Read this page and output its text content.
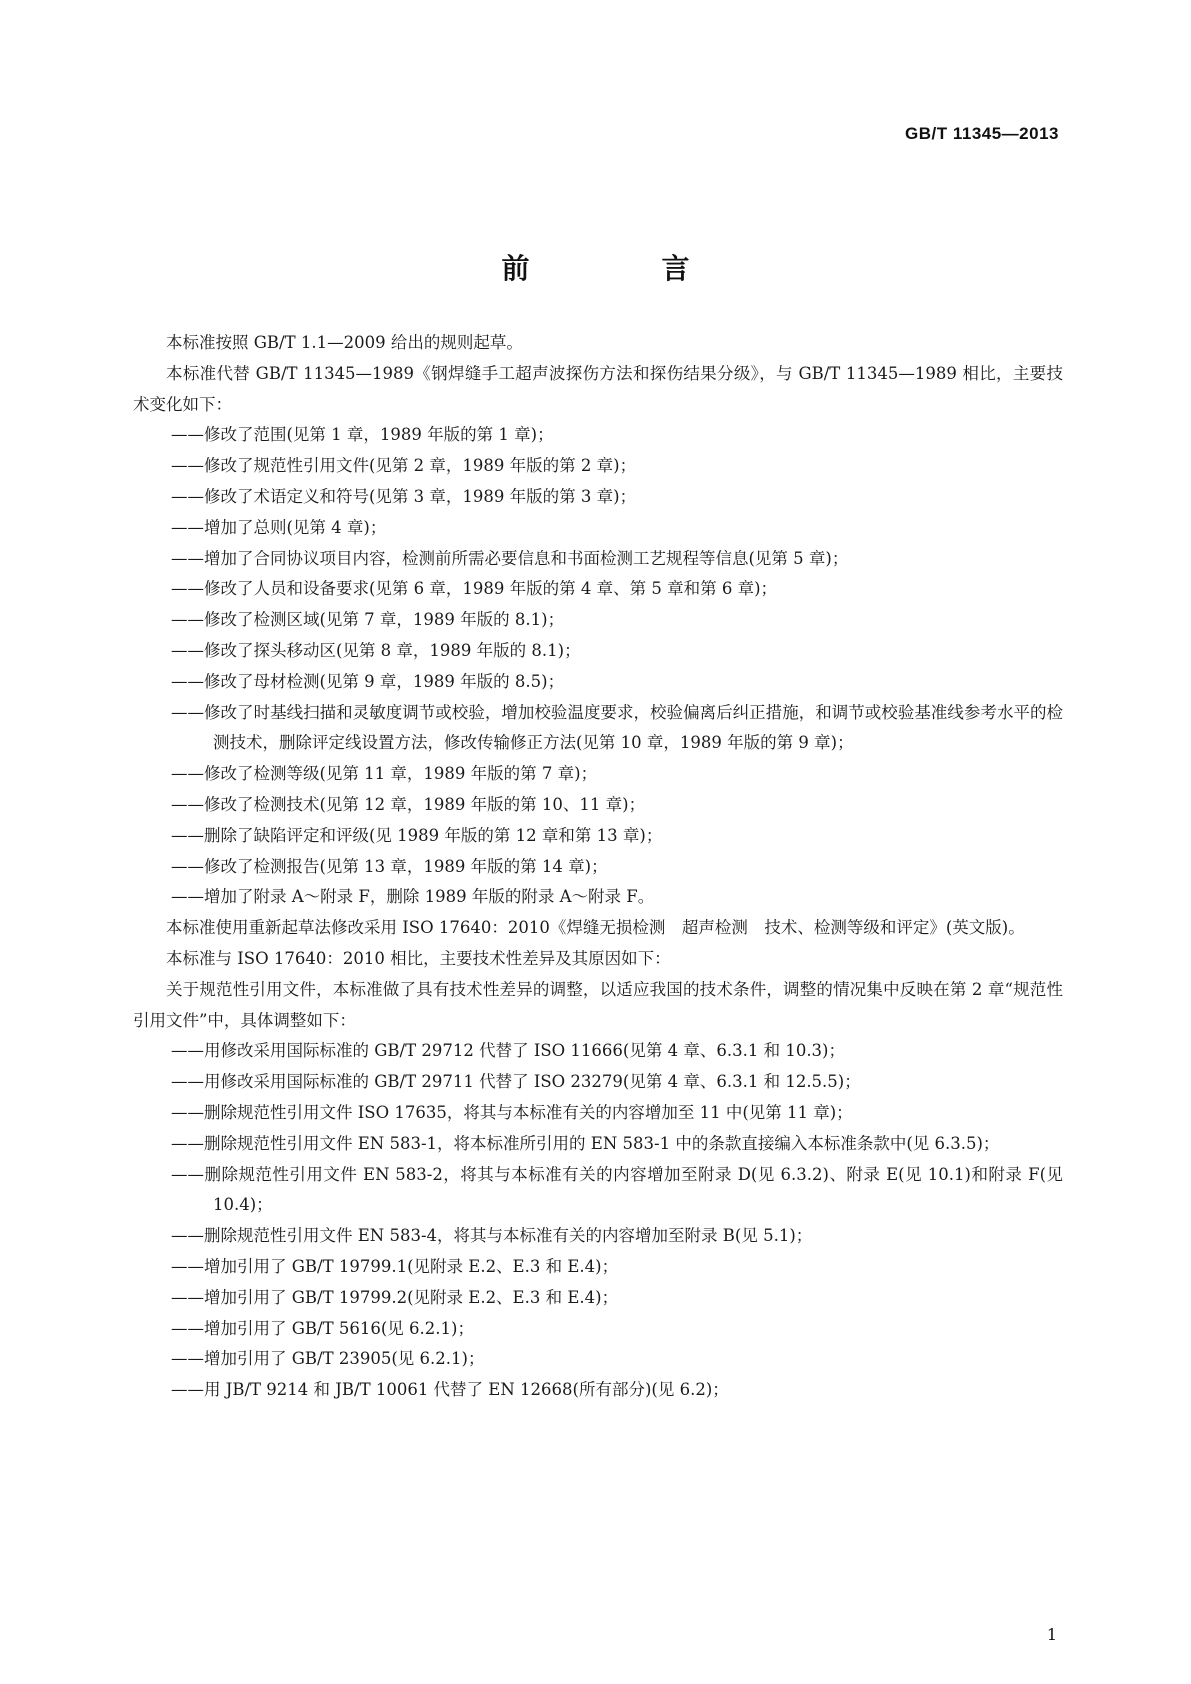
GB/T 11345—2013
前　言

本标准按照 GB/T 1.1—2009 给出的规则起草。

本标准代替 GB/T 11345—1989《钢焊缝手工超声波探伤方法和探伤结果分级》，与 GB/T 11345—1989 相比，主要技术变化如下：

——修改了范围(见第 1 章，1989 年版的第 1 章)；

——修改了规范性引用文件(见第 2 章，1989 年版的第 2 章)；

——修改了术语定义和符号(见第 3 章，1989 年版的第 3 章)；

——增加了总则(见第 4 章)；

——增加了合同协议项目内容，检测前所需必要信息和书面检测工艺规程等信息(见第 5 章)；

——修改了人员和设备要求(见第 6 章，1989 年版的第 4 章、第 5 章和第 6 章)；

——修改了检测区域(见第 7 章，1989 年版的 8.1)；

——修改了探头移动区(见第 8 章，1989 年版的 8.1)；

——修改了母材检测(见第 9 章，1989 年版的 8.5)；

——修改了时基线扫描和灵敏度调节或校验，增加校验温度要求，校验偏离后纠正措施，和调节或校验基准线参考水平的检测技术，删除评定线设置方法，修改传输修正方法(见第 10 章，1989 年版的第 9 章)；

——修改了检测等级(见第 11 章，1989 年版的第 7 章)；

——修改了检测技术(见第 12 章，1989 年版的第 10、11 章)；

——删除了缺陷评定和评级(见 1989 年版的第 12 章和第 13 章)；

——修改了检测报告(见第 13 章，1989 年版的第 14 章)；

——增加了附录 A～附录 F，删除 1989 年版的附录 A～附录 F。

本标准使用重新起草法修改采用 ISO 17640：2010《焊缝无损检测　超声检测　技术、检测等级和评定》(英文版)。

本标准与 ISO 17640：2010 相比，主要技术性差异及其原因如下：

关于规范性引用文件，本标准做了具有技术性差异的调整，以适应我国的技术条件，调整的情况集中反映在第 2 章“规范性引用文件”中，具体调整如下：

——用修改采用国际标准的 GB/T 29712 代替了 ISO 11666(见第 4 章、6.3.1 和 10.3)；

——用修改采用国际标准的 GB/T 29711 代替了 ISO 23279(见第 4 章、6.3.1 和 12.5.5)；

——删除规范性引用文件 ISO 17635，将其与本标准有关的内容增加至 11 中(见第 11 章)；

——删除规范性引用文件 EN 583-1，将本标准所引用的 EN 583-1 中的条款直接编入本标准条款中(见 6.3.5)；

——删除规范性引用文件 EN 583-2，将其与本标准有关的内容增加至附录 D(见 6.3.2)、附录 E(见 10.1)和附录 F(见 10.4)；

——删除规范性引用文件 EN 583-4，将其与本标准有关的内容增加至附录 B(见 5.1)；

——增加引用了 GB/T 19799.1(见附录 E.2、E.3 和 E.4)；

——增加引用了 GB/T 19799.2(见附录 E.2、E.3 和 E.4)；

——增加引用了 GB/T 5616(见 6.2.1)；

——增加引用了 GB/T 23905(见 6.2.1)；

——用 JB/T 9214 和 JB/T 10061 代替了 EN 12668(所有部分)(见 6.2)；

1
